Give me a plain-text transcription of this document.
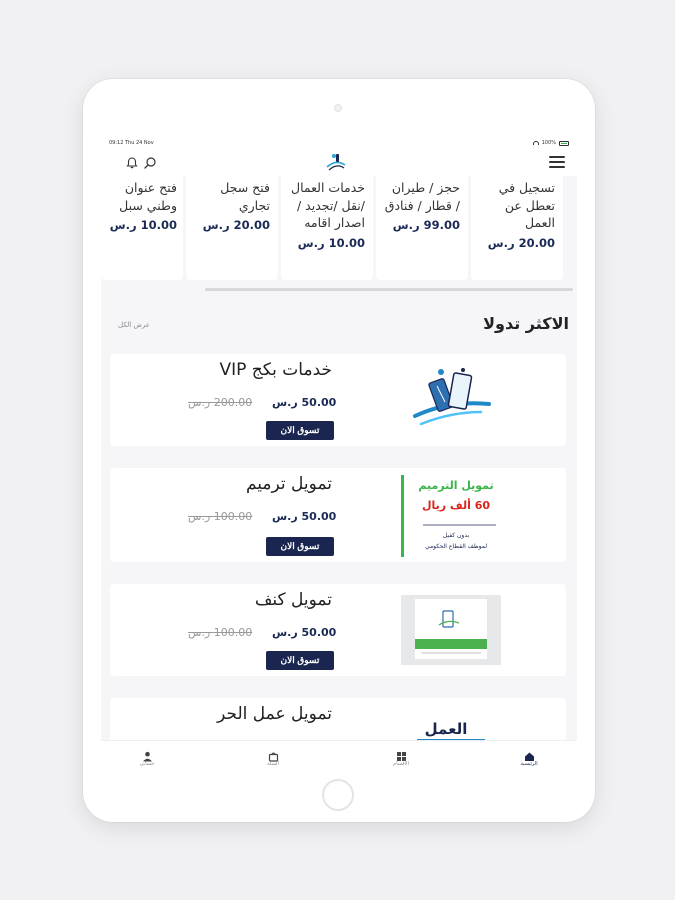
09:12 Thu 24 Nov	100%
تسجيل في تعطل عن العمل
20.00 ر.س
حجز / طيران / قطار / فنادق
99.00 ر.س
خدمات العمال /نقل /تجديد /اصدار اقامه
10.00 ر.س
فتح سجل تجاري
20.00 ر.س
فتح عنوان وطني سبل
10.00 ر.س
الاكثر تدولا
عرض الكل
خدمات بكج VIP
50.00 ر.س
200.00 ر.س
تسوق الان
تمويل الترميم
60 ألف ريال
بدون كفيل
لموظف القطاع الحكومي
تمويل ترميم
50.00 ر.س
100.00 ر.س
تسوق الان
تمويل كنف
50.00 ر.س
100.00 ر.س
تسوق الان
العمل
تمويل عمل الحر
الرئيسية
الأقسام
السلة
حسابي
